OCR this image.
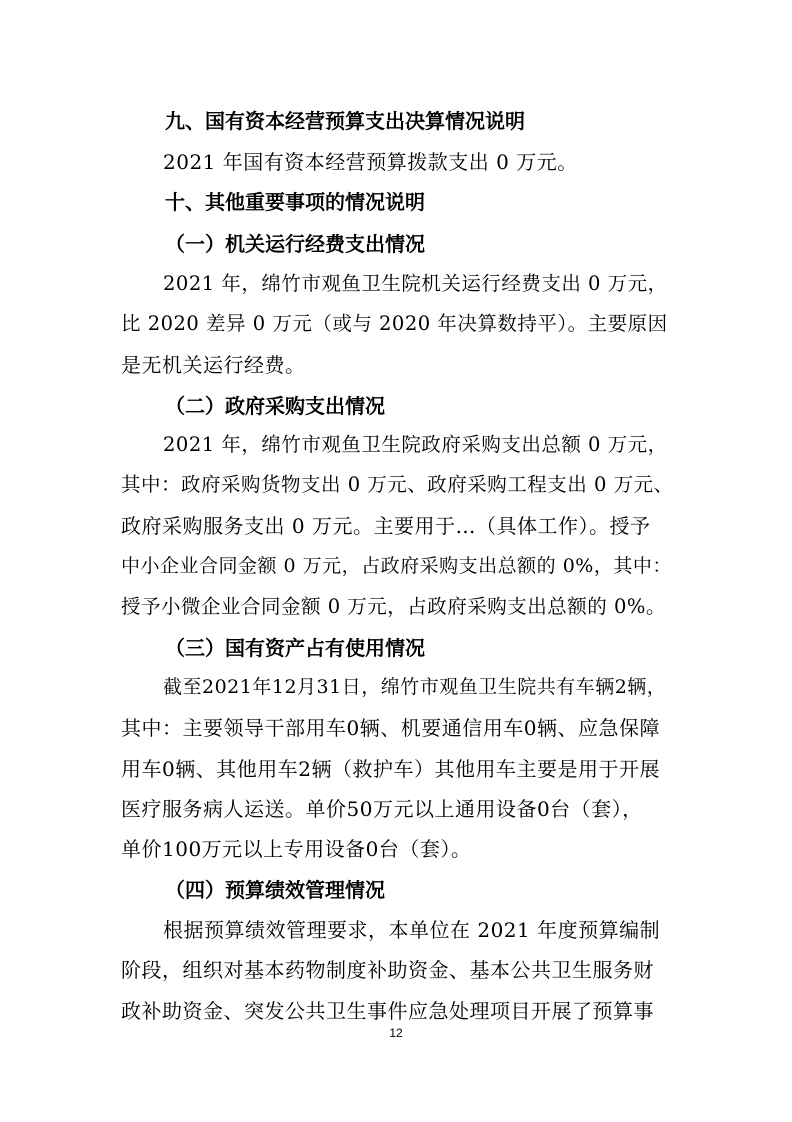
九、国有资本经营预算支出决算情况说明
2021 年国有资本经营预算拨款支出 0 万元。
十、其他重要事项的情况说明
（一）机关运行经费支出情况
2021 年，绵竹市观鱼卫生院机关运行经费支出 0 万元，
比 2020 差异 0 万元（或与 2020 年决算数持平）。主要原因
是无机关运行经费。
（二）政府采购支出情况
2021 年，绵竹市观鱼卫生院政府采购支出总额 0 万元，
其中：政府采购货物支出 0 万元、政府采购工程支出 0 万元、
政府采购服务支出 0 万元。主要用于…（具体工作）。授予
中小企业合同金额 0 万元，占政府采购支出总额的 0%，其中：
授予小微企业合同金额 0 万元，占政府采购支出总额的 0%。
（三）国有资产占有使用情况
截至2021年12月31日，绵竹市观鱼卫生院共有车辆2辆，
其中：主要领导干部用车0辆、机要通信用车0辆、应急保障
用车0辆、其他用车2辆（救护车）其他用车主要是用于开展
医疗服务病人运送。单价50万元以上通用设备0台（套），
单价100万元以上专用设备0台（套）。
（四）预算绩效管理情况
根据预算绩效管理要求，本单位在 2021 年度预算编制
阶段，组织对基本药物制度补助资金、基本公共卫生服务财
政补助资金、突发公共卫生事件应急处理项目开展了预算事
12
